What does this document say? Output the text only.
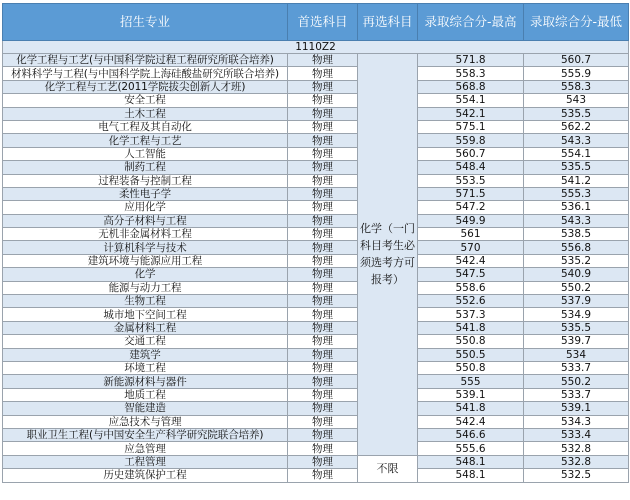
招生专业	首选科目	再选科目	录取综合分-最高	录取综合分-最低
1110Z2				
化学工程与工艺(与中国科学院过程工程研究所联合培养)	物理	化学（一门科目考生必须选考方可报考）	571.8	560.7
材料科学与工程(与中国科学院上海硅酸盐研究所联合培养)	物理		558.3	555.9
化学工程与工艺(2011学院拔尖创新人才班)	物理		568.8	558.3
安全工程	物理		554.1	543
土木工程	物理		542.1	535.5
电气工程及其自动化	物理		575.1	562.2
化学工程与工艺	物理		559.8	543.3
人工智能	物理		560.7	554.1
制药工程	物理		548.4	535.5
过程装备与控制工程	物理		553.5	541.2
柔性电子学	物理		571.5	555.3
应用化学	物理		547.2	536.1
高分子材料与工程	物理		549.9	543.3
无机非金属材料工程	物理		561	538.5
计算机科学与技术	物理		570	556.8
建筑环境与能源应用工程	物理		542.4	535.2
化学	物理		547.5	540.9
能源与动力工程	物理		558.6	550.2
生物工程	物理		552.6	537.9
城市地下空间工程	物理		537.3	534.9
金属材料工程	物理		541.8	535.5
交通工程	物理		550.8	539.7
建筑学	物理		550.5	534
环境工程	物理		550.8	533.7
新能源材料与器件	物理		555	550.2
地质工程	物理		539.1	533.7
智能建造	物理		541.8	539.1
应急技术与管理	物理		542.4	534.3
职业卫生工程(与中国安全生产科学研究院联合培养)	物理		546.6	533.4
应急管理	物理		555.6	532.8
工程管理	物理	不限	548.1	532.8
历史建筑保护工程	物理		548.1	532.5
